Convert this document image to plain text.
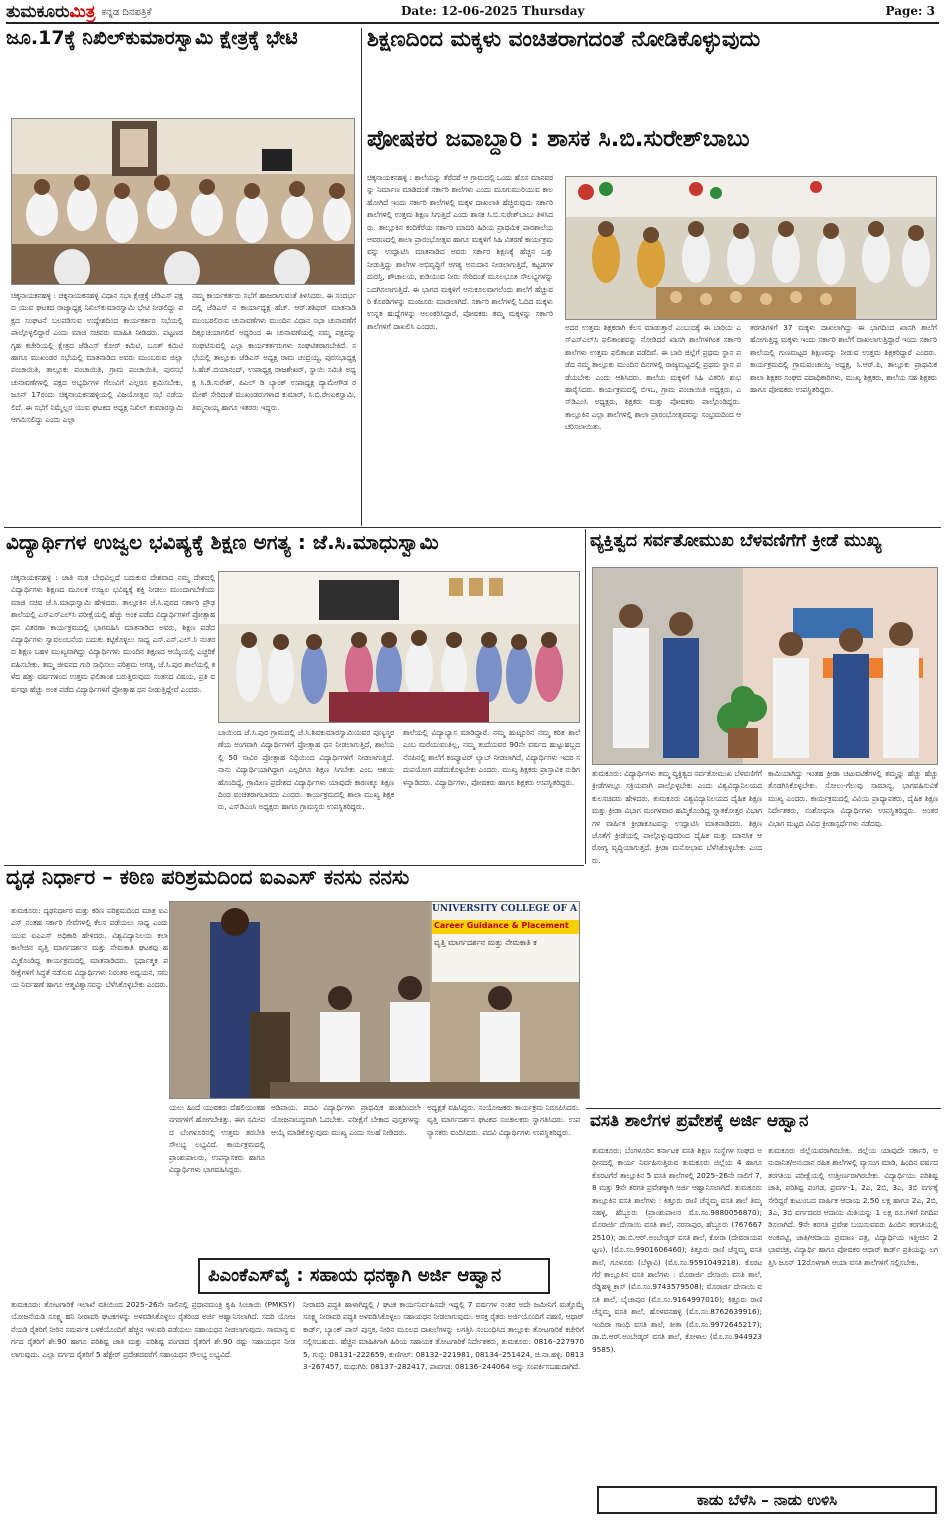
ತುಮಕೂರುಮಿತ್ರ ಕನ್ನಡ ದಿನಪತ್ರಿಕೆ	Date: 12-06-2025 Thursday	Page: 3
ಜೂ.17ಕ್ಕೆ ನಿಖಿಲ್‌ಕುಮಾರಸ್ವಾಮಿ ಕ್ಷೇತ್ರಕ್ಕೆ ಭೇಟಿ
ಚಿಕ್ಕನಾಯಕನಹಳ್ಳಿ : ಚಿಕ್ಕನಾಯಕನಹಳ್ಳಿ ವಿಧಾನ ಸಭಾ ಕ್ಷೇತ್ರಕ್ಕೆ ಜೆಡಿಎಸ್ ಪಕ್ಷದ ಯುವ ಘಟಕದ ರಾಜ್ಯಾಧ್ಯಕ್ಷ ನಿಖಿಲ್‌ಕುಮಾರಸ್ವಾಮಿ ಭೇಟಿ ನೀಡಲಿದ್ದು ಪಕ್ಷದ ಸಂಘಟನೆ ಬಲಪಡಿಸುವ ಉದ್ದೇಶದಿಂದ ಕಾರ್ಯಕರ್ತರ ಸಭೆಯಲ್ಲಿ ಪಾಲ್ಗೊಳ್ಳಲಿದ್ದಾರೆ ಎಂದು ಮಾಜಿ ಸಚಿವರು ಮಾಹಿತಿ ನೀಡಿದರು. ಪಟ್ಟಣದ ಗೃಹ ಕಚೇರಿಯಲ್ಲಿ ಕ್ಷೇತ್ರದ ಜೆಡಿಎಸ್ ಕೋರ್ ಕಮಿಟಿ, ಬೂತ್ ಕಮಿಟಿ ಹಾಗೂ ಮುಖಂಡರ ಸಭೆಯಲ್ಲಿ ಮಾತನಾಡಿದ ಅವರು ಮುಂಬರುವ ಜಿಲ್ಲಾ ಪಂಚಾಯಿತಿ, ತಾಲ್ಲೂಕು ಪಂಚಾಯಿತಿ, ಗ್ರಾಮ ಪಂಚಾಯಿತಿ, ಪುರಸಭೆ ಚುನಾವಣೆಗಳಲ್ಲಿ ಪಕ್ಷದ ಅಭ್ಯರ್ಥಿಗಳ ಗೆಲುವಿಗೆ ಎಲ್ಲರೂ ಶ್ರಮಿಸಬೇಕು, ಜೂನ್ 17ರಂದು ಚಿಕ್ಕನಾಯಕನಹಳ್ಳಿಯಲ್ಲಿ ವಿಜಯೋತ್ಸವ ಸಭೆ ನಡೆಯಲಿದೆ. ಈ ಸಭೆಗೆ ನಿಮ್ಮೆಲ್ಲರ ಯುವ ಘಟಕದ ಅಧ್ಯಕ್ಷ ನಿಖಿಲ್ ಕುಮಾರಸ್ವಾಮಿ ಆಗಮಿಸಲಿದ್ದು ಎಂದು ಎಲ್ಲಾ
ನಮ್ಮ ಕಾರ್ಯಕರ್ತರು ಸಭೆಗೆ ಹಾಜರಾಗುವಂತೆ ತಿಳಿಸಿದರು. ಈ ಸಂದರ್ಭದಲ್ಲಿ ಜೆಡಿಎಸ್ ನ ಕಾರ್ಯಾಧ್ಯಕ್ಷ ಹೆಚ್. ಆರ್.ಶಶಿಧರ್ ಮಾತನಾಡಿ ಮುಂಬರಲಿರುವ ಚುನಾವಣೆಗಳು ಮುಂದಿನ ವಿಧಾನ ಸಭಾ ಚುನಾವಣೆಗೆ ದಿಕ್ಸೂಚಿಯಾಗಲಿವೆ ಅದ್ದರಿಂದ ಈ ಚುನಾವಣೆಯಲ್ಲಿ ನಮ್ಮ ಪಕ್ಷವನ್ನು ಸಂಘಟಿಸುವಲ್ಲಿ ಎಲ್ಲಾ ಕಾರ್ಯಕರ್ತರುಗಳು ಸಂಘಟಿತರಾಗಬೇಕಿದೆ. ಸಭೆಯಲ್ಲಿ ತಾಲ್ಲೂಕು ಜೆಡಿಎಸ್ ಅಧ್ಯಕ್ಷ ರಾಮ ಚಂದ್ರಯ್ಯ, ಪುರಸಭಾಧ್ಯಕ್ಷ ಸಿ.ಹೆಚ್.ದಯಾನಂದ್, ಉಪಾಧ್ಯಕ್ಷ ರಾಜಶೇಖರ್, ಸ್ಥಾಯಿ ಸಮಿತಿ ಅಧ್ಯಕ್ಷ ಸಿ.ಡಿ.ಸುರೇಶ್, ಪಿಎಲ್ ಡಿ ಬ್ಯಾಂಕ್ ಉಪಾಧ್ಯಕ್ಷ ದ್ಯಾಮೇಗೌಡ ರಮೇಶ್ ಸೇರಿದಂತೆ ಮುಖಂಡರುಗಳಾದ ಕುಮಾರ್, ಸಿ.ಬಿ.ರೇಣುಕಸ್ವಾಮಿ, ತಿಮ್ಮನಾಯ್ಕ ಹಾಗೂ ಇತರರು ಇದ್ದರು.
ಶಿಕ್ಷಣದಿಂದ ಮಕ್ಕಳು ವಂಚಿತರಾಗದಂತೆ ನೋಡಿಕೊಳ್ಳುವುದು
ಪೋಷಕರ ಜವಾಬ್ದಾರಿ : ಶಾಸಕ ಸಿ.ಬಿ.ಸುರೇಶ್‌ಬಾಬು
ಚಿಕ್ಕನಾಯಕನಹಳ್ಳಿ : ಶಾಲೆಯನ್ನು ತೆರೆದರೆ ಆ ಗ್ರಾಮದಲ್ಲಿ ಒಂದು ಹೊಸ ಮಾನವರನ್ನು ನಿರ್ಮಾಣ ಮಾಡಿದಂತೆ ಸರ್ಕಾರಿ ಶಾಲೆಗಳು ಎಂದು ಮೂಗುಮುರಿಯುವ ಕಾಲ ಹೋಗಿದೆ ಇಂದು ಸರ್ಕಾರಿ ಶಾಲೆಗಳಲ್ಲಿ ಮಕ್ಕಳ ದಾಖಲಾತಿ ಹೆಚ್ಚಿರುವುದು ಸರ್ಕಾರಿ ಶಾಲೆಗಳಲ್ಲಿ ಉತ್ತಮ ಶಿಕ್ಷಣ ಸಿಗುತ್ತಿದೆ ಎಂದು ಶಾಸಕ ಸಿ.ಬಿ.ಸುರೇಶ್‌ಬಾಬು ತಿಳಿಸಿದರು. ತಾಲ್ಲೂಕಿನ ಕಂದಿಕೆರೆಯ ಸರ್ಕಾರಿ ಮಾದರಿ ಹಿರಿಯ ಪ್ರಾಥಮಿಕ ಪಾಠಶಾಲೆಯ ಆವರಣದಲ್ಲಿ ಶಾಲಾ ಪ್ರಾರಂಭೋತ್ಸವ ಹಾಗೂ ಮಕ್ಕಳಿಗೆ ಸಿಹಿ ವಿತರಣೆ ಕಾರ್ಯಕ್ರಮವನ್ನು ಉದ್ಘಾಟಿಸಿ ಮಾತನಾಡಿದ ಅವರು ಸರ್ಕಾರ ಶಿಕ್ಷಣಕ್ಕೆ ಹೆಚ್ಚಿನ ಒತ್ತು ನೀಡುತ್ತಿದ್ದು ಶಾಲೆಗಳ ಅಭಿವೃದ್ಧಿಗೆ ಅಗತ್ಯ ಅನುದಾನ ನೀಡಲಾಗುತ್ತಿದೆ, ಕಟ್ಟಡಗಳ ದುರಸ್ತಿ, ಶೌಚಾಲಯ, ಕುಡಿಯುವ ನೀರು ಸೇರಿದಂತೆ ಮೂಲಭೂತ ಸೌಲಭ್ಯಗಳನ್ನು ಒದಗಿಸಲಾಗುತ್ತಿದೆ. ಈ ಭಾಗದ ಮಕ್ಕಳಿಗೆ ಅನುಕೂಲವಾಗಲೆಂದು ಶಾಲೆಗೆ ಹೆಚ್ಚುವರಿ ಕೊಠಡಿಗಳನ್ನು ಮಂಜೂರು ಮಾಡಲಾಗಿದೆ. ಸರ್ಕಾರಿ ಶಾಲೆಗಳಲ್ಲಿ ಓದಿದ ಮಕ್ಕಳು ಉನ್ನತ ಹುದ್ದೆಗಳನ್ನು ಅಲಂಕರಿಸಿದ್ದಾರೆ, ಪೋಷಕರು ತಮ್ಮ ಮಕ್ಕಳನ್ನು ಸರ್ಕಾರಿ ಶಾಲೆಗಳಿಗೆ ದಾಖಲಿಸಿ ಎಂದರು.	ಅದರ ಉತ್ತಮ ಶಿಕ್ಷಕರಾಗಿ ಕೆಲಸ ಮಾಡುತ್ತಾರೆ ಎಂಬುದಕ್ಕೆ ಈ ಬಾರಿಯ ಎಸ್‌ಎಸ್‌ಎಲ್‌ಸಿ ಫಲಿತಾಂಶವನ್ನು ನೋಡಿದರೆ ಖಾಸಗಿ ಶಾಲೆಗಳಿಗಿಂತ ಸರ್ಕಾರಿ ಶಾಲೆಗಳು ಉತ್ತಮ ಫಲಿತಾಂಶ ಪಡೆದಿವೆ. ಈ ಬಾರಿ ಜಿಲ್ಲೆಗೆ ಪ್ರಥಮ ಸ್ಥಾನ ಪಡೆದ ನಮ್ಮ ತಾಲ್ಲೂಕು ಮುಂದಿನ ದಿನಗಳಲ್ಲಿ ರಾಜ್ಯಮಟ್ಟದಲ್ಲಿ ಪ್ರಥಮ ಸ್ಥಾನ ಪಡೆಯಬೇಕು ಎಂದು ಆಶಿಸಿದರು. ಶಾಲೆಯ ಮಕ್ಕಳಿಗೆ ಸಿಹಿ ವಿತರಿಸಿ ಶುಭ ಹಾರೈಸಿದರು. ಕಾರ್ಯಕ್ರಮದಲ್ಲಿ ಬಿಇಒ, ಗ್ರಾಮ ಪಂಚಾಯಿತಿ ಅಧ್ಯಕ್ಷರು, ಎಸ್‌ಡಿಎಂಸಿ ಅಧ್ಯಕ್ಷರು, ಶಿಕ್ಷಕರು ಮತ್ತು ಪೋಷಕರು ಪಾಲ್ಗೊಂಡಿದ್ದರು. ತಾಲ್ಲೂಕಿನ ಎಲ್ಲಾ ಶಾಲೆಗಳಲ್ಲಿ ಶಾಲಾ ಪ್ರಾರಂಭೋತ್ಸವವನ್ನು ಸಂಭ್ರಮದಿಂದ ಆಚರಿಸಲಾಯಿತು.
ತರಗತಿಗಳಿಗೆ 37 ಮಕ್ಕಳು ದಾಖಲಾಗಿದ್ದು ಈ ಭಾಗದಿಂದ ಖಾಸಗಿ ಶಾಲೆಗೆ ಹೋಗುತ್ತಿದ್ದ ಮಕ್ಕಳು ಇಂದು ಸರ್ಕಾರಿ ಶಾಲೆಗೆ ದಾಖಲಾಗುತ್ತಿದ್ದಾರೆ ಇಂದು ಸರ್ಕಾರಿ ಶಾಲೆಯಲ್ಲಿ ಗುಣಮಟ್ಟದ ಶಿಕ್ಷಣವನ್ನು ನೀಡುವ ಉತ್ತಮ ಶಿಕ್ಷಕರಿದ್ದಾರೆ ಎಂದರು. ಕಾರ್ಯಕ್ರಮದಲ್ಲಿ ಗ್ರಾಮಪಂಚಾಯ್ತಿ ಅಧ್ಯಕ್ಷ, ಸಿ.ಆರ್.ಪಿ, ತಾಲ್ಲೂಕು ಪ್ರಾಥಮಿಕ ಶಾಲಾ ಶಿಕ್ಷಕರ ಸಂಘದ ಪದಾಧಿಕಾರಿಗಳು, ಮುಖ್ಯ ಶಿಕ್ಷಕರು, ಶಾಲೆಯ ಸಹ ಶಿಕ್ಷಕರು ಹಾಗೂ ಪೋಷಕರು ಉಪಸ್ಥಿತರಿದ್ದರು.
ವಿದ್ಯಾರ್ಥಿಗಳ ಉಜ್ವಲ ಭವಿಷ್ಯಕ್ಕೆ ಶಿಕ್ಷಣ ಅಗತ್ಯ : ಜೆ.ಸಿ.ಮಾಧುಸ್ವಾಮಿ
ಚಿಕ್ಕನಾಯಕನಹಳ್ಳಿ : ಜಾತಿ ಮತ ಬೇಧವಿಲ್ಲದೆ ಬದುಕುವ ದೇಶವಾದ ನಮ್ಮ ದೇಶದಲ್ಲಿ ವಿದ್ಯಾರ್ಥಿಗಳು ಶಿಕ್ಷಣದ ಮೂಲಕ ಉಜ್ವಲ ಭವಿಷ್ಯಕ್ಕೆ ಶಕ್ತಿ ನೀಡಲು ಮುಂದಾಗಬೇಕೆಂದು ಮಾಜಿ ಸಚಿವ ಜೆ.ಸಿ.ಮಾಧುಸ್ವಾಮಿ ಹೇಳಿದರು. ತಾಲ್ಲೂಕಿನ ಜೆ.ಸಿ.ಪುರದ ಸರ್ಕಾರಿ ಪ್ರೌಢಶಾಲೆಯಲ್ಲಿ ಎಸ್‌ಎಸ್‌ಎಲ್‌ಸಿ ಪರೀಕ್ಷೆಯಲ್ಲಿ ಹೆಚ್ಚು ಅಂಕ ಪಡೆದ ವಿದ್ಯಾರ್ಥಿಗಳಿಗೆ ಪ್ರೋತ್ಸಾಹ ಧನ ವಿತರಣಾ ಕಾರ್ಯಕ್ರಮದಲ್ಲಿ ಭಾಗವಹಿಸಿ ಮಾತನಾಡಿದ ಅವರು, ಶಿಕ್ಷಣ ಪಡೆದ ವಿದ್ಯಾರ್ಥಿಗಳು ಸ್ವಾವಲಂಬನೆಯ ಬದುಕು ಕಟ್ಟಿಕೊಳ್ಳಲು ಸಾಧ್ಯ ಎಸ್.ಎಸ್.ಎಲ್.ಸಿ ನಂತರದ ಶಿಕ್ಷಣ ಬಹಳ ಮುಖ್ಯವಾಗಿದ್ದು ವಿದ್ಯಾರ್ಥಿಗಳು ಮುಂದಿನ ಶಿಕ್ಷಣದ ಆಯ್ಕೆಯಲ್ಲಿ ಎಚ್ಚರಿಕೆ ವಹಿಸಬೇಕು. ತಮ್ಮ ಜೀವನದ ಗುರಿ ಸಾಧಿಸಲು ಪರಿಶ್ರಮ ಅಗತ್ಯ, ಜೆ.ಸಿ.ಪುರ ಶಾಲೆಯಲ್ಲಿ ಕಳೆದ ಹತ್ತು ವರ್ಷಗಳಿಂದ ಉತ್ತಮ ಫಲಿತಾಂಶ ಬರುತ್ತಿರುವುದು ಸಂತಸದ ವಿಷಯ, ಪ್ರತಿ ವರ್ಷವೂ ಹೆಚ್ಚು ಅಂಕ ಪಡೆದ ವಿದ್ಯಾರ್ಥಿಗಳಿಗೆ ಪ್ರೋತ್ಸಾಹ ಧನ ನೀಡುತ್ತಿದ್ದೇವೆ ಎಂದರು.
ಬಾಯಿಂದ ಜೆ.ಸಿ.ಪುರ ಗ್ರಾಮದಲ್ಲಿ ಜೆ.ಸಿ.ಶಿವಕುಮಾರಸ್ವಾಮಿಯವರ ಪುಣ್ಯಸ್ಮರಣೆಯ ಅಂಗವಾಗಿ ವಿದ್ಯಾರ್ಥಿಗಳಿಗೆ ಪ್ರೋತ್ಸಾಹ ಧನ ನೀಡಲಾಗುತ್ತಿದೆ, ಶಾಲೆಯಲ್ಲಿ 50 ಸಾವಿರ ಪ್ರೋತ್ಸಾಹ ನಿಧಿಯಿಂದ ವಿದ್ಯಾರ್ಥಿಗಳಿಗೆ ನೀಡಲಾಗುತ್ತಿದೆ. ನಾನು ವಿದ್ಯಾರ್ಥಿಯಾಗಿದ್ದಾಗ ಎಲ್ಲರಿಗೂ ಶಿಕ್ಷಣ ಸಿಗಬೇಕು ಎಂಬ ಆಶಯ ಹೊಂದಿದ್ದೆ, ಗ್ರಾಮೀಣ ಪ್ರದೇಶದ ವಿದ್ಯಾರ್ಥಿಗಳು ಯಾವುದೇ ಕಾರಣಕ್ಕೂ ಶಿಕ್ಷಣದಿಂದ ವಂಚಿತರಾಗಬಾರದು ಎಂದರು. ಕಾರ್ಯಕ್ರಮದಲ್ಲಿ ಶಾಲಾ ಮುಖ್ಯ ಶಿಕ್ಷಕರು, ಎಸ್‌ಡಿಎಂಸಿ ಅಧ್ಯಕ್ಷರು ಹಾಗೂ ಗ್ರಾಮಸ್ಥರು ಉಪಸ್ಥಿತರಿದ್ದರು.
ಶಾಲೆಯಲ್ಲಿ ವಿದ್ಯಾಭ್ಯಾಸ ಮಾಡಿದ್ದಾರೆ. ನಮ್ಮ ಹುಟ್ಟೂರಿನ ನಮ್ಮ ಕರಿತ ಶಾಲೆ ಎಂಬ ಮರೆಯುವಂತಿಲ್ಲ, ನಮ್ಮ ತಂದೆಯವರ 90ನೇ ವರ್ಷದ ಹುಟ್ಟುಹಬ್ಬದ ನೆನಪಿನಲ್ಲಿ ಶಾಲೆಗೆ ಕಂಪ್ಯೂಟರ್ ಲ್ಯಾಬ್ ನೀಡಲಾಗಿದೆ, ವಿದ್ಯಾರ್ಥಿಗಳು ಇದರ ಸದುಪಯೋಗ ಪಡೆದುಕೊಳ್ಳಬೇಕು ಎಂದರು. ಮುಖ್ಯ ಶಿಕ್ಷಕರು ಪ್ರಾಸ್ತಾವಿಕ ನುಡಿಗಳನ್ನಾಡಿದರು. ವಿದ್ಯಾರ್ಥಿಗಳು, ಪೋಷಕರು ಹಾಗೂ ಶಿಕ್ಷಕರು ಉಪಸ್ಥಿತರಿದ್ದರು.
ವ್ಯಕ್ತಿತ್ವದ ಸರ್ವತೋಮುಖ ಬೆಳವಣಿಗೆಗೆ ಕ್ರೀಡೆ ಮುಖ್ಯ
ತುಮಕೂರು: ವಿದ್ಯಾರ್ಥಿಗಳು ತಮ್ಮ ವ್ಯಕ್ತಿತ್ವದ ಸರ್ವತೋಮುಖ ಬೆಳವಣಿಗೆಗೆ ಕ್ರೀಡೆಗಳಲ್ಲೂ ಸಕ್ರಿಯವಾಗಿ ಪಾಲ್ಗೊಳ್ಳಬೇಕು ಎಂದು ವಿಶ್ವವಿದ್ಯಾನಿಲಯದ ಕುಲಸಚಿವರು ಹೇಳಿದರು. ತುಮಕೂರು ವಿಶ್ವವಿದ್ಯಾನಿಲಯದ ದೈಹಿಕ ಶಿಕ್ಷಣ ಮತ್ತು ಕ್ರೀಡಾ ವಿಭಾಗ ಮಂಗಳವಾರ ಹಮ್ಮಿಕೊಂಡಿದ್ದ ಸ್ನಾತಕೋತ್ತರ ವಿಭಾಗಗಳ ವಾರ್ಷಿಕ ಕ್ರೀಡಾಕೂಟವನ್ನು ಉದ್ಘಾಟಿಸಿ ಮಾತನಾಡಿದರು. ಶಿಕ್ಷಣ ಜೊತೆಗೆ ಕ್ರೀಡೆಯಲ್ಲಿ ಪಾಲ್ಗೊಳ್ಳುವುದರಿಂದ ದೈಹಿಕ ಮತ್ತು ಮಾನಸಿಕ ಆರೋಗ್ಯ ವೃದ್ಧಿಯಾಗುತ್ತದೆ. ಕ್ರೀಡಾ ಮನೋಭಾವ ಬೆಳೆಸಿಕೊಳ್ಳಬೇಕು ಎಂದರು.
ಕಾಮಿಯಾಗಿದ್ದು ಇಂತಹ ಕ್ರೀಡಾ ಚಟುವಟಿಕೆಗಳಲ್ಲಿ ತಮ್ಮನ್ನು ಹೆಚ್ಚು ಹೆಚ್ಚು ತೊಡಗಿಸಿಕೊಳ್ಳಬೇಕು. ಸೋಲು-ಗೆಲುವು ಸಾಮಾನ್ಯ, ಭಾಗವಹಿಸುವಿಕೆ ಮುಖ್ಯ ಎಂದರು. ಕಾರ್ಯಕ್ರಮದಲ್ಲಿ ವಿವಿಯ ಪ್ರಾಧ್ಯಾಪಕರು, ದೈಹಿಕ ಶಿಕ್ಷಣ ನಿರ್ದೇಶಕರು, ಸಂಶೋಧನಾ ವಿದ್ಯಾರ್ಥಿಗಳು ಉಪಸ್ಥಿತರಿದ್ದರು. ಅಂತರವಿಭಾಗ ಮಟ್ಟದ ವಿವಿಧ ಕ್ರೀಡಾಸ್ಪರ್ಧೆಗಳು ನಡೆದವು.
ದೃಢ ನಿರ್ಧಾರ – ಕಠಿಣ ಪರಿಶ್ರಮದಿಂದ ಐಎಎಸ್ ಕನಸು ನನಸು
ತುಮಕೂರು: ದೃಢನಿರ್ಧಾರ ಮತ್ತು ಕಠಿಣ ಪರಿಶ್ರಮದಿಂದ ಮಾತ್ರ ಐಎಎಸ್ ನಂತಹ ಸರ್ಕಾರಿ ಸೇವೆಗಳಲ್ಲಿ ಕೆಲಸ ಪಡೆಯಲು ಸಾಧ್ಯ ಎಂದು ಯುವ ಐಎಎಸ್ ಅಧಿಕಾರಿ ಹೇಳಿದರು. ವಿಶ್ವವಿದ್ಯಾನಿಲಯ ಕಲಾ ಕಾಲೇಜಿನ ವೃತ್ತಿ ಮಾರ್ಗದರ್ಶನ ಮತ್ತು ನೇಮಕಾತಿ ಘಟಕವು ಹಮ್ಮಿಕೊಂಡಿದ್ದ ಕಾರ್ಯಕ್ರಮದಲ್ಲಿ ಮಾತನಾಡಿದರು. ಸ್ಪರ್ಧಾತ್ಮಕ ಪರೀಕ್ಷೆಗಳಿಗೆ ಸಿದ್ಧತೆ ನಡೆಸುವ ವಿದ್ಯಾರ್ಥಿಗಳು ನಿರಂತರ ಅಧ್ಯಯನ, ಸಮಯ ನಿರ್ವಹಣೆ ಹಾಗೂ ಆತ್ಮವಿಶ್ವಾಸವನ್ನು ಬೆಳೆಸಿಕೊಳ್ಳಬೇಕು ಎಂದರು.
UNIVERSITY COLLEGE OF A
Career Guidance & Placement
ವೃತ್ತಿ ಮಾರ್ಗದರ್ಶನ ಮತ್ತು ನೇಮಕಾತಿ ಕ
ಯಲು ಹಿಂದೆ ಯುವಕರು ದೆಹಲಿಯಂತಹ ನಗರಗಳಿಗೆ ಹೋಗಬೇಕಿತ್ತು. ಈಗ ಸಮೀಪದ ಬೆಂಗಳೂರಿನಲ್ಲಿ ಉತ್ತಮ ತರಬೇತಿ ಸೌಲಭ್ಯ ಲಭ್ಯವಿದೆ. ಕಾರ್ಯಕ್ರಮದಲ್ಲಿ ಪ್ರಾಂಶುಪಾಲರು, ಉಪನ್ಯಾಸಕರು ಹಾಗೂ ವಿದ್ಯಾರ್ಥಿಗಳು ಭಾಗವಹಿಸಿದ್ದರು.
ಅಡಿಪಾಯ. ಪದವಿ ವಿದ್ಯಾರ್ಥಿಗಳು ಪ್ರಾಥಮಿಕ ಹಂತದಿಂದಲೇ ಯೋಜನಾಬದ್ಧವಾಗಿ ಓದಬೇಕು. ಪರೀಕ್ಷೆಗೆ ಬೇಕಾದ ಪುಸ್ತಕಗಳನ್ನು ಆಯ್ಕೆ ಮಾಡಿಕೊಳ್ಳುವುದು ಮುಖ್ಯ ಎಂದು ಸಲಹೆ ನೀಡಿದರು.
ಅಧ್ಯಕ್ಷತೆ ವಹಿಸಿದ್ದರು. ಸಂಯೋಜಕರು ಕಾರ್ಯಕ್ರಮ ನಿರೂಪಿಸಿದರು. ವೃತ್ತಿ ಮಾರ್ಗದರ್ಶನ ಘಟಕದ ಸಂಚಾಲಕರು ಸ್ವಾಗತಿಸಿದರು. ಉಪನ್ಯಾಸಕರು ವಂದಿಸಿದರು. ಪದವಿ ವಿದ್ಯಾರ್ಥಿಗಳು ಉಪಸ್ಥಿತರಿದ್ದರು.
ವಸತಿ ಶಾಲೆಗಳ ಪ್ರವೇಶಕ್ಕೆ ಅರ್ಜಿ ಆಹ್ವಾನ
ತುಮಕೂರು: ಬೆಂಗಳೂರಿನ ಕರ್ನಾಟಕ ವಸತಿ ಶಿಕ್ಷಣ ಸಂಸ್ಥೆಗಳ ಸಂಘದ ಅಧೀನದಲ್ಲಿ ಕಾರ್ಯ ನಿರ್ವಹಿಸುತ್ತಿರುವ ತುಮಕೂರು ಜಿಲ್ಲೆಯ 4 ಹಾಗೂ ಕೊರಟಗೆರೆ ತಾಲ್ಲೂಕಿನ 5 ವಸತಿ ಶಾಲೆಗಳಲ್ಲಿ 2025–26ನೇ ಸಾಲಿಗೆ 7, 8 ಮತ್ತು 9ನೇ ತರಗತಿ ಪ್ರವೇಶಕ್ಕಾಗಿ ಅರ್ಜಿ ಆಹ್ವಾನಿಸಲಾಗಿದೆ. ತುಮಕೂರು ತಾಲ್ಲೂಕಿನ ವಸತಿ ಶಾಲೆಗಳು : ಕಿತ್ತೂರು ರಾಣಿ ಚೆನ್ನಮ್ಮ ವಸತಿ ಶಾಲೆ ತಿಮ್ಮನಹಳ್ಳಿ, ಹೆಬ್ಬೂರು (ಪ್ರಾಂಶುಪಾಲರ ಮೊ.ಸಂ.9880056870); ಮೊರಾರ್ಜಿ ದೇಸಾಯಿ ವಸತಿ ಶಾಲೆ, ನರಸಾಪುರ, ಹೆಬ್ಬೂರು (7676672510); ಡಾ.ಬಿ.ಆರ್.ಅಂಬೇಡ್ಕರ್ ವಸತಿ ಶಾಲೆ, ಕೋರಾ (ದೇವರಾಯಪಟ್ಟಣ), (ಮೊ.ಸಂ.9901606460); ಕಿತ್ತೂರು ರಾಣಿ ಚೆನ್ನಮ್ಮ ವಸತಿ ಶಾಲೆ, ಗೂಳೂರು (ಬೆಳ್ಳಾವಿ) (ಮೊ.ಸಂ.9591049218). ಕೊರಟಗೆರೆ ತಾಲ್ಲೂಕಿನ ವಸತಿ ಶಾಲೆಗಳು : ಮೊರಾರ್ಜಿ ದೇಸಾಯಿ ವಸತಿ ಶಾಲೆ, ರೆಡ್ಡಿಹಳ್ಳಿ ಕ್ರಾಸ್ (ಮೊ.ಸಂ.9743579508); ಮೊರಾರ್ಜಿ ದೇಸಾಯಿ ವಸತಿ ಶಾಲೆ, ಬೈಚಾಪುರ (ಮೊ.ಸಂ.9164997010); ಕಿತ್ತೂರು ರಾಣಿ ಚೆನ್ನಮ್ಮ ವಸತಿ ಶಾಲೆ, ಹೊಳವನಹಳ್ಳಿ (ಮೊ.ಸಂ.8762639916); ಇಂದಿರಾ ಗಾಂಧಿ ವಸತಿ ಶಾಲೆ, ತೀತಾ (ಮೊ.ಸಂ.9972645217); ಡಾ.ಬಿ.ಆರ್.ಅಂಬೇಡ್ಕರ್ ವಸತಿ ಶಾಲೆ, ಕೋಳಾಲ (ಮೊ.ಸಂ.9449239585).
ತುಮಕೂರು ಜಿಲ್ಲೆಯವರಾಗಿರಬೇಕು. ಜಿಲ್ಲೆಯ ಯಾವುದೇ ಸರ್ಕಾರಿ, ಅನುದಾನಿತ/ಅನುದಾನ ರಹಿತ ಶಾಲೆಗಳಲ್ಲಿ ವ್ಯಾಸಂಗ ಮಾಡಿ, ಹಿಂದಿನ ವರ್ಷದ ತರಗತಿಯ ಪರೀಕ್ಷೆಯಲ್ಲಿ ಉತ್ತೀರ್ಣರಾಗಿರಬೇಕು. ವಿದ್ಯಾರ್ಥಿಯು ಪರಿಶಿಷ್ಟ ಜಾತಿ, ಪರಿಶಿಷ್ಟ ಪಂಗಡ, ಪ್ರವರ್ಗ-1, 2ಎ, 2ಬಿ, 3ಎ, 3ಬಿ ವರ್ಗಕ್ಕೆ ಸೇರಿದ್ದರೆ ಕುಟುಂಬದ ವಾರ್ಷಿಕ ಆದಾಯ 2.50 ಲಕ್ಷ ಹಾಗೂ 2ಎ, 2ಬಿ, 3ಎ, 3ಬಿ ವರ್ಗದವರ ಆದಾಯ ಮಿತಿಯನ್ನು 1 ಲಕ್ಷ ರೂ.ಗಳಿಗೆ ನಿಗದಿಪಡಿಸಲಾಗಿದೆ. 9ನೇ ತರಗತಿ ಪ್ರವೇಶ ಬಯಸುವವರು ಹಿಂದಿನ ತರಗತಿಯಲ್ಲಿ ಅಂಕಪಟ್ಟಿ, ಜಾತಿ/ಆದಾಯ ಪ್ರಮಾಣ ಪತ್ರ, ವಿದ್ಯಾರ್ಥಿಯ ಇತ್ತೀಚಿನ 2 ಭಾವಚಿತ್ರ, ವಿದ್ಯಾರ್ಥಿ ಹಾಗೂ ಪೋಷಕರ ಆಧಾರ್ ಕಾರ್ಡ್ ಪ್ರತಿಯನ್ನು ಲಗತ್ತಿಸಿ ಜೂನ್ 12ರೊಳಗಾಗಿ ಆಯಾ ವಸತಿ ಶಾಲೆಗಳಿಗೆ ಸಲ್ಲಿಸಬೇಕು.
ಪಿಎಂಕೆಎಸ್‌ವೈ : ಸಹಾಯ ಧನಕ್ಕಾಗಿ ಅರ್ಜಿ ಆಹ್ವಾನ
ತುಮಕೂರು: ತೋಟಗಾರಿಕೆ ಇಲಾಖೆ ವತಿಯಿಂದ 2025–26ನೇ ಸಾಲಿನಲ್ಲಿ ಪ್ರಧಾನಮಂತ್ರಿ ಕೃಷಿ ಸಿಂಚಾಯಿ (PMKSY) ಯೋಜನೆಯಡಿ ಸೂಕ್ಷ್ಮ ಹನಿ ನೀರಾವರಿ ಘಟಕಗಳನ್ನು ಅಳವಡಿಸಿಕೊಳ್ಳಲು ರೈತರಿಂದ ಅರ್ಜಿ ಆಹ್ವಾನಿಸಲಾಗಿದೆ. ಸದರಿ ಯೋಜನೆಯಡಿ ರೈತರಿಗೆ ನೀರಿನ ಸಮರ್ಪಕ ಬಳಕೆಯೊಂದಿಗೆ ಹೆಚ್ಚಿನ ಇಳುವರಿ ಪಡೆಯಲು ಸಹಾಯಧನ ನೀಡಲಾಗುವುದು. ಸಾಮಾನ್ಯ ವರ್ಗದ ರೈತರಿಗೆ ಶೇ.90 ಹಾಗೂ ಪರಿಶಿಷ್ಟ ಜಾತಿ ಮತ್ತು ಪರಿಶಿಷ್ಟ ಪಂಗಡದ ರೈತರಿಗೆ ಶೇ.90 ರಷ್ಟು ಸಹಾಯಧನ ನೀಡಲಾಗುವುದು. ಎಲ್ಲಾ ವರ್ಗದ ರೈತರಿಗೆ 5 ಹೆಕ್ಟೇರ್ ಪ್ರದೇಶದವರೆಗೆ ಸಹಾಯಧನ ಸೌಲಭ್ಯ ಲಭ್ಯವಿದೆ.
ನೀರಾವರಿ ಪದ್ಧತಿ ಹಾಳಾಗಿದ್ದಲ್ಲಿ / ಘಟಕ ಕಾರ್ಯನಿರ್ವಹಿಸದೇ ಇದ್ದಲ್ಲಿ 7 ವರ್ಷಗಳ ನಂತರ ಅದೇ ಜಮೀನಿಗೆ ಮತ್ತೊಮ್ಮೆ ಸೂಕ್ಷ್ಮ ನೀರಾವರಿ ಪದ್ಧತಿ ಅಳವಡಿಸಿಕೊಳ್ಳಲು ಸಹಾಯಧನ ನೀಡಲಾಗುವುದು. ಆಸಕ್ತ ರೈತರು ಅರ್ಜಿಯೊಂದಿಗೆ ಪಹಣಿ, ಆಧಾರ್ ಕಾರ್ಡ್, ಬ್ಯಾಂಕ್ ಪಾಸ್ ಪುಸ್ತಕ, ನೀರಿನ ಮೂಲದ ದಾಖಲೆಗಳನ್ನು ಲಗತ್ತಿಸಿ ಸಂಬಂಧಿಸಿದ ತಾಲ್ಲೂಕು ತೋಟಗಾರಿಕೆ ಕಚೇರಿಗೆ ಸಲ್ಲಿಸಬಹುದು. ಹೆಚ್ಚಿನ ಮಾಹಿತಿಗಾಗಿ ಹಿರಿಯ ಸಹಾಯಕ ತೋಟಗಾರಿಕೆ ನಿರ್ದೇಶಕರು, ತುಮಕೂರು: 0816–2279705, ಗುಬ್ಬಿ: 08131–222659, ಕುಣಿಗಲ್: 08132–221981, 08134–251424, ಚಿ.ನಾ.ಹಳ್ಳಿ: 08133–267457, ಮಧುಗಿರಿ: 08137–282417, ಪಾವಗಡ: 08136–244064 ಅನ್ನು ಸಂಪರ್ಕಿಸಬಹುದಾಗಿದೆ.
ಕಾಡು ಬೆಳೆಸಿ – ನಾಡು ಉಳಿಸಿ
